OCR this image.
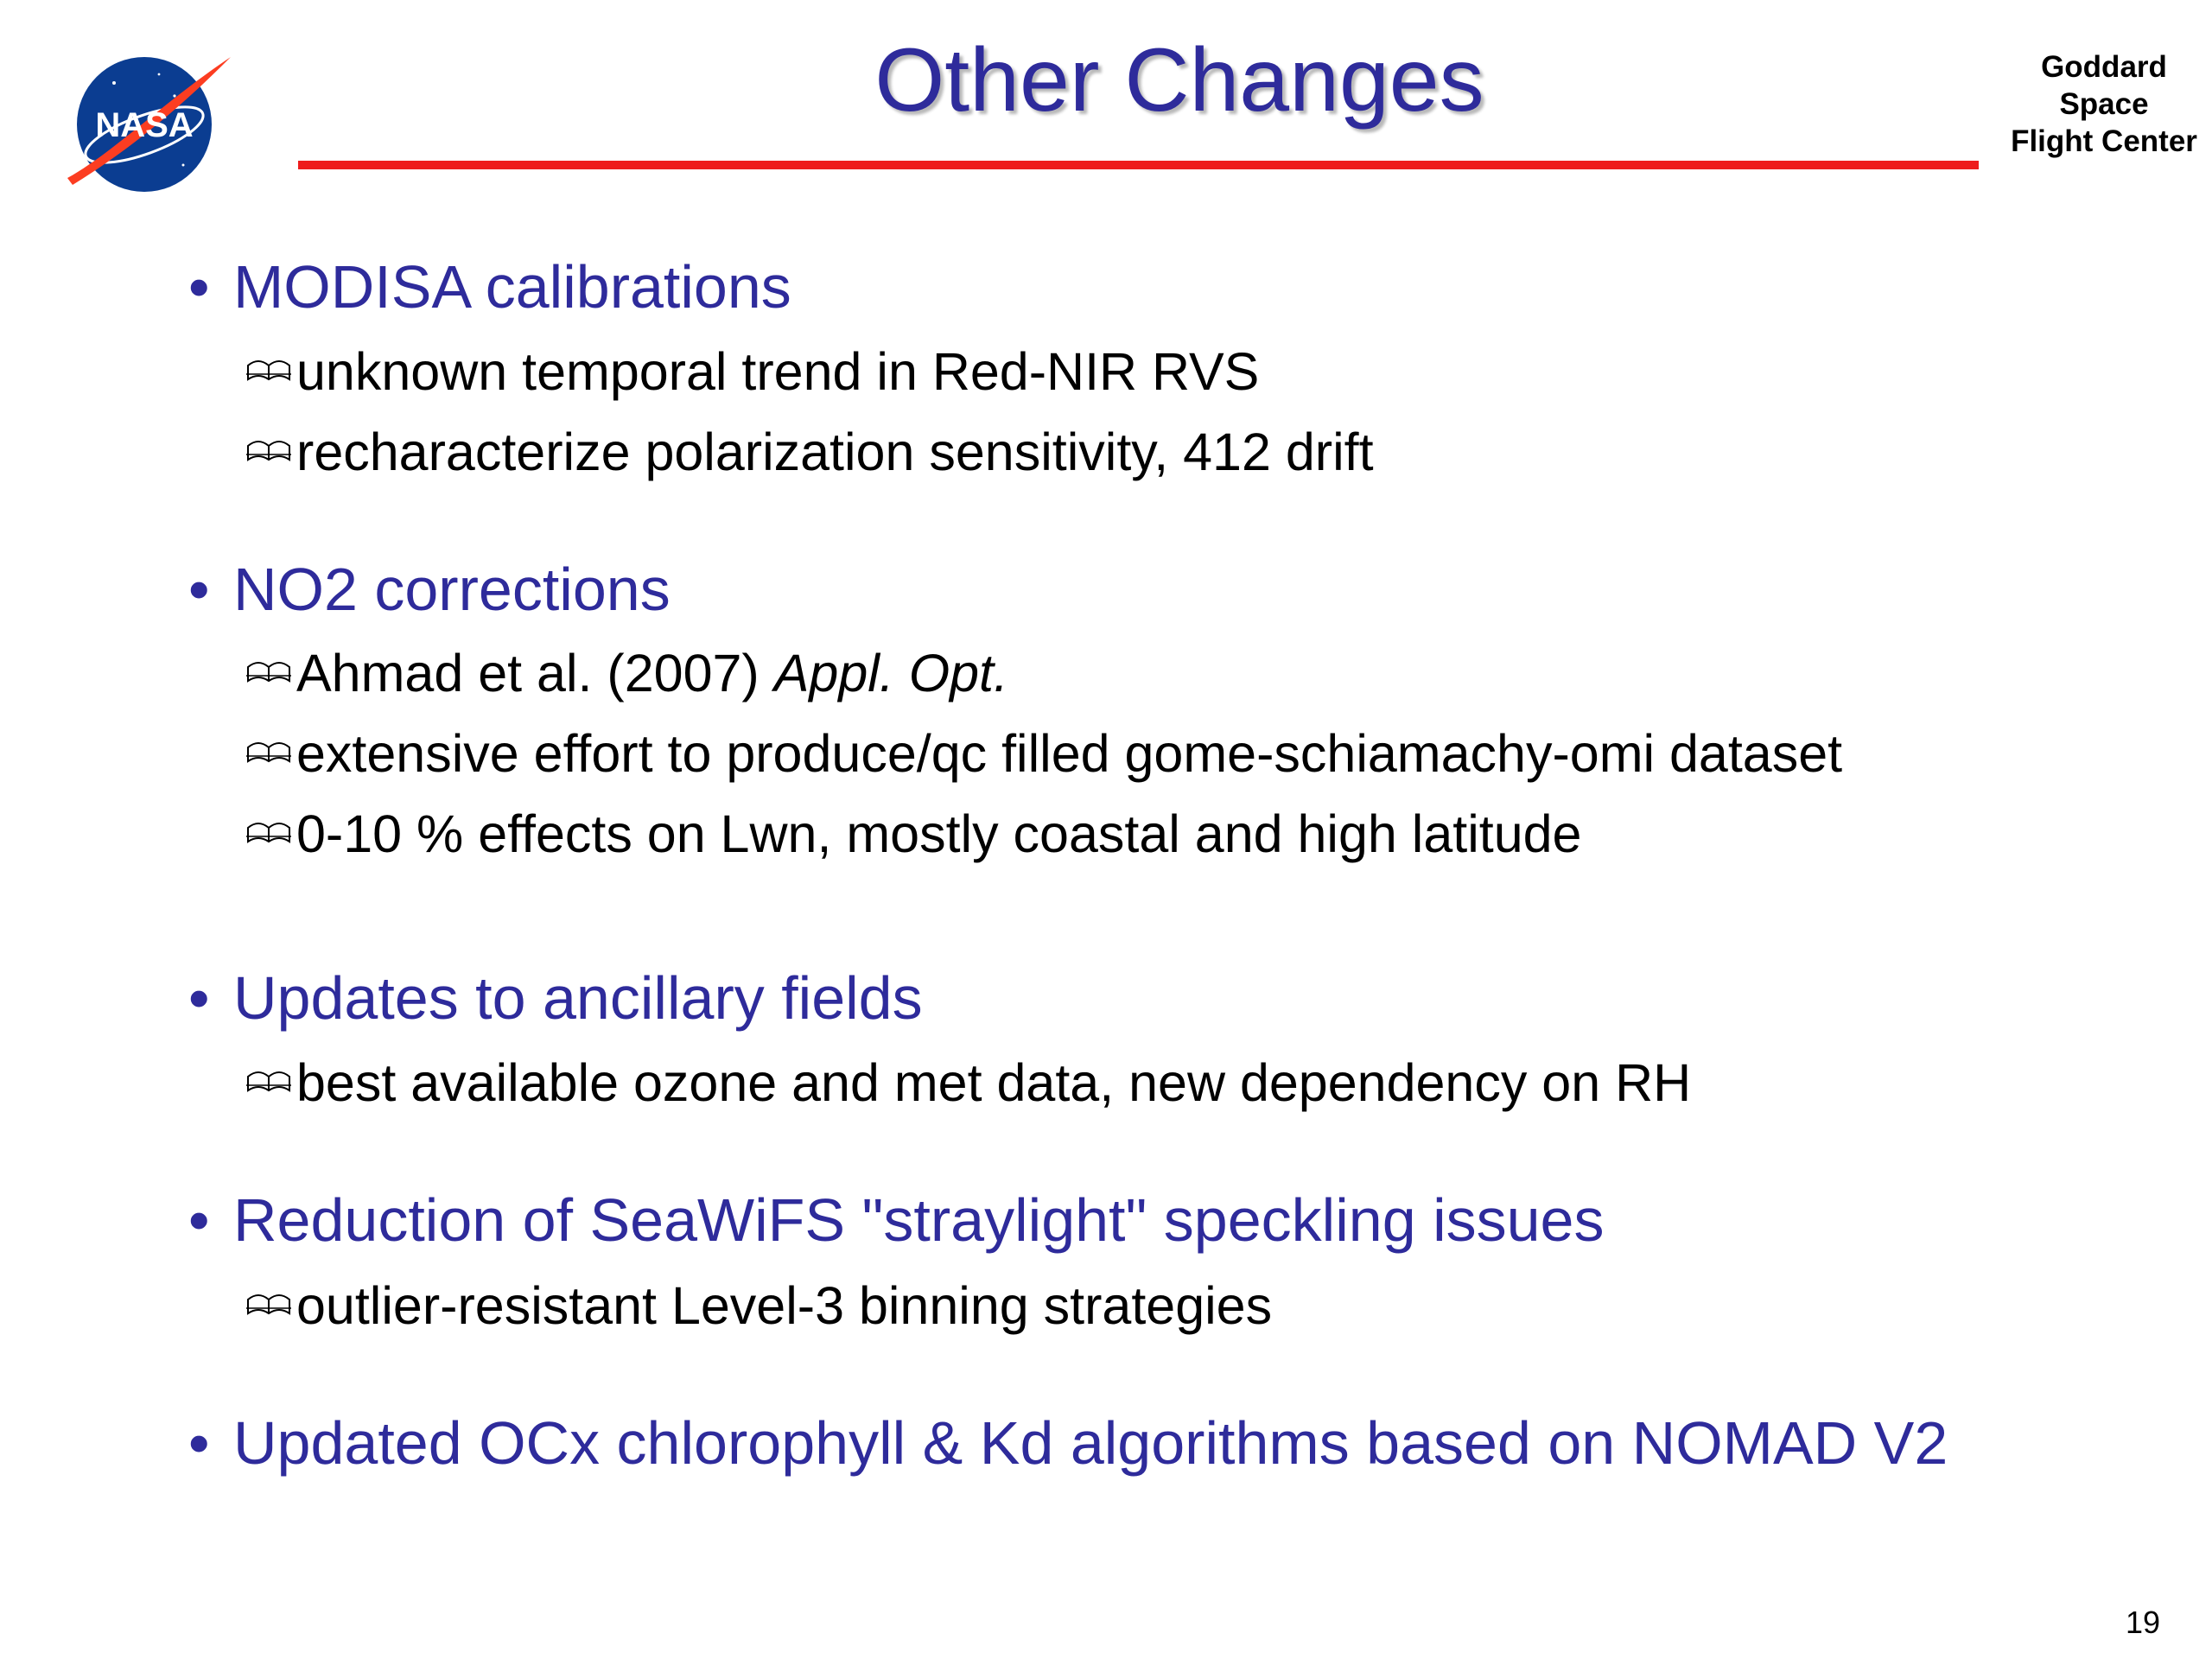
NASA	Other Changes	Goddard
Space
Flight Center
• MODISA calibrations
unknown temporal trend in Red-NIR RVS
recharacterize polarization sensitivity, 412 drift
• NO2 corrections
Ahmad et al. (2007) Appl. Opt.
extensive effort to produce/qc filled gome-schiamachy-omi dataset
0-10 % effects on Lwn, mostly coastal and high latitude
• Updates to ancillary fields
best available ozone and met data, new dependency on RH
• Reduction of SeaWiFS "straylight" speckling issues
outlier-resistant Level-3 binning strategies
• Updated OCx chlorophyll & Kd algorithms based on NOMAD V2
19
